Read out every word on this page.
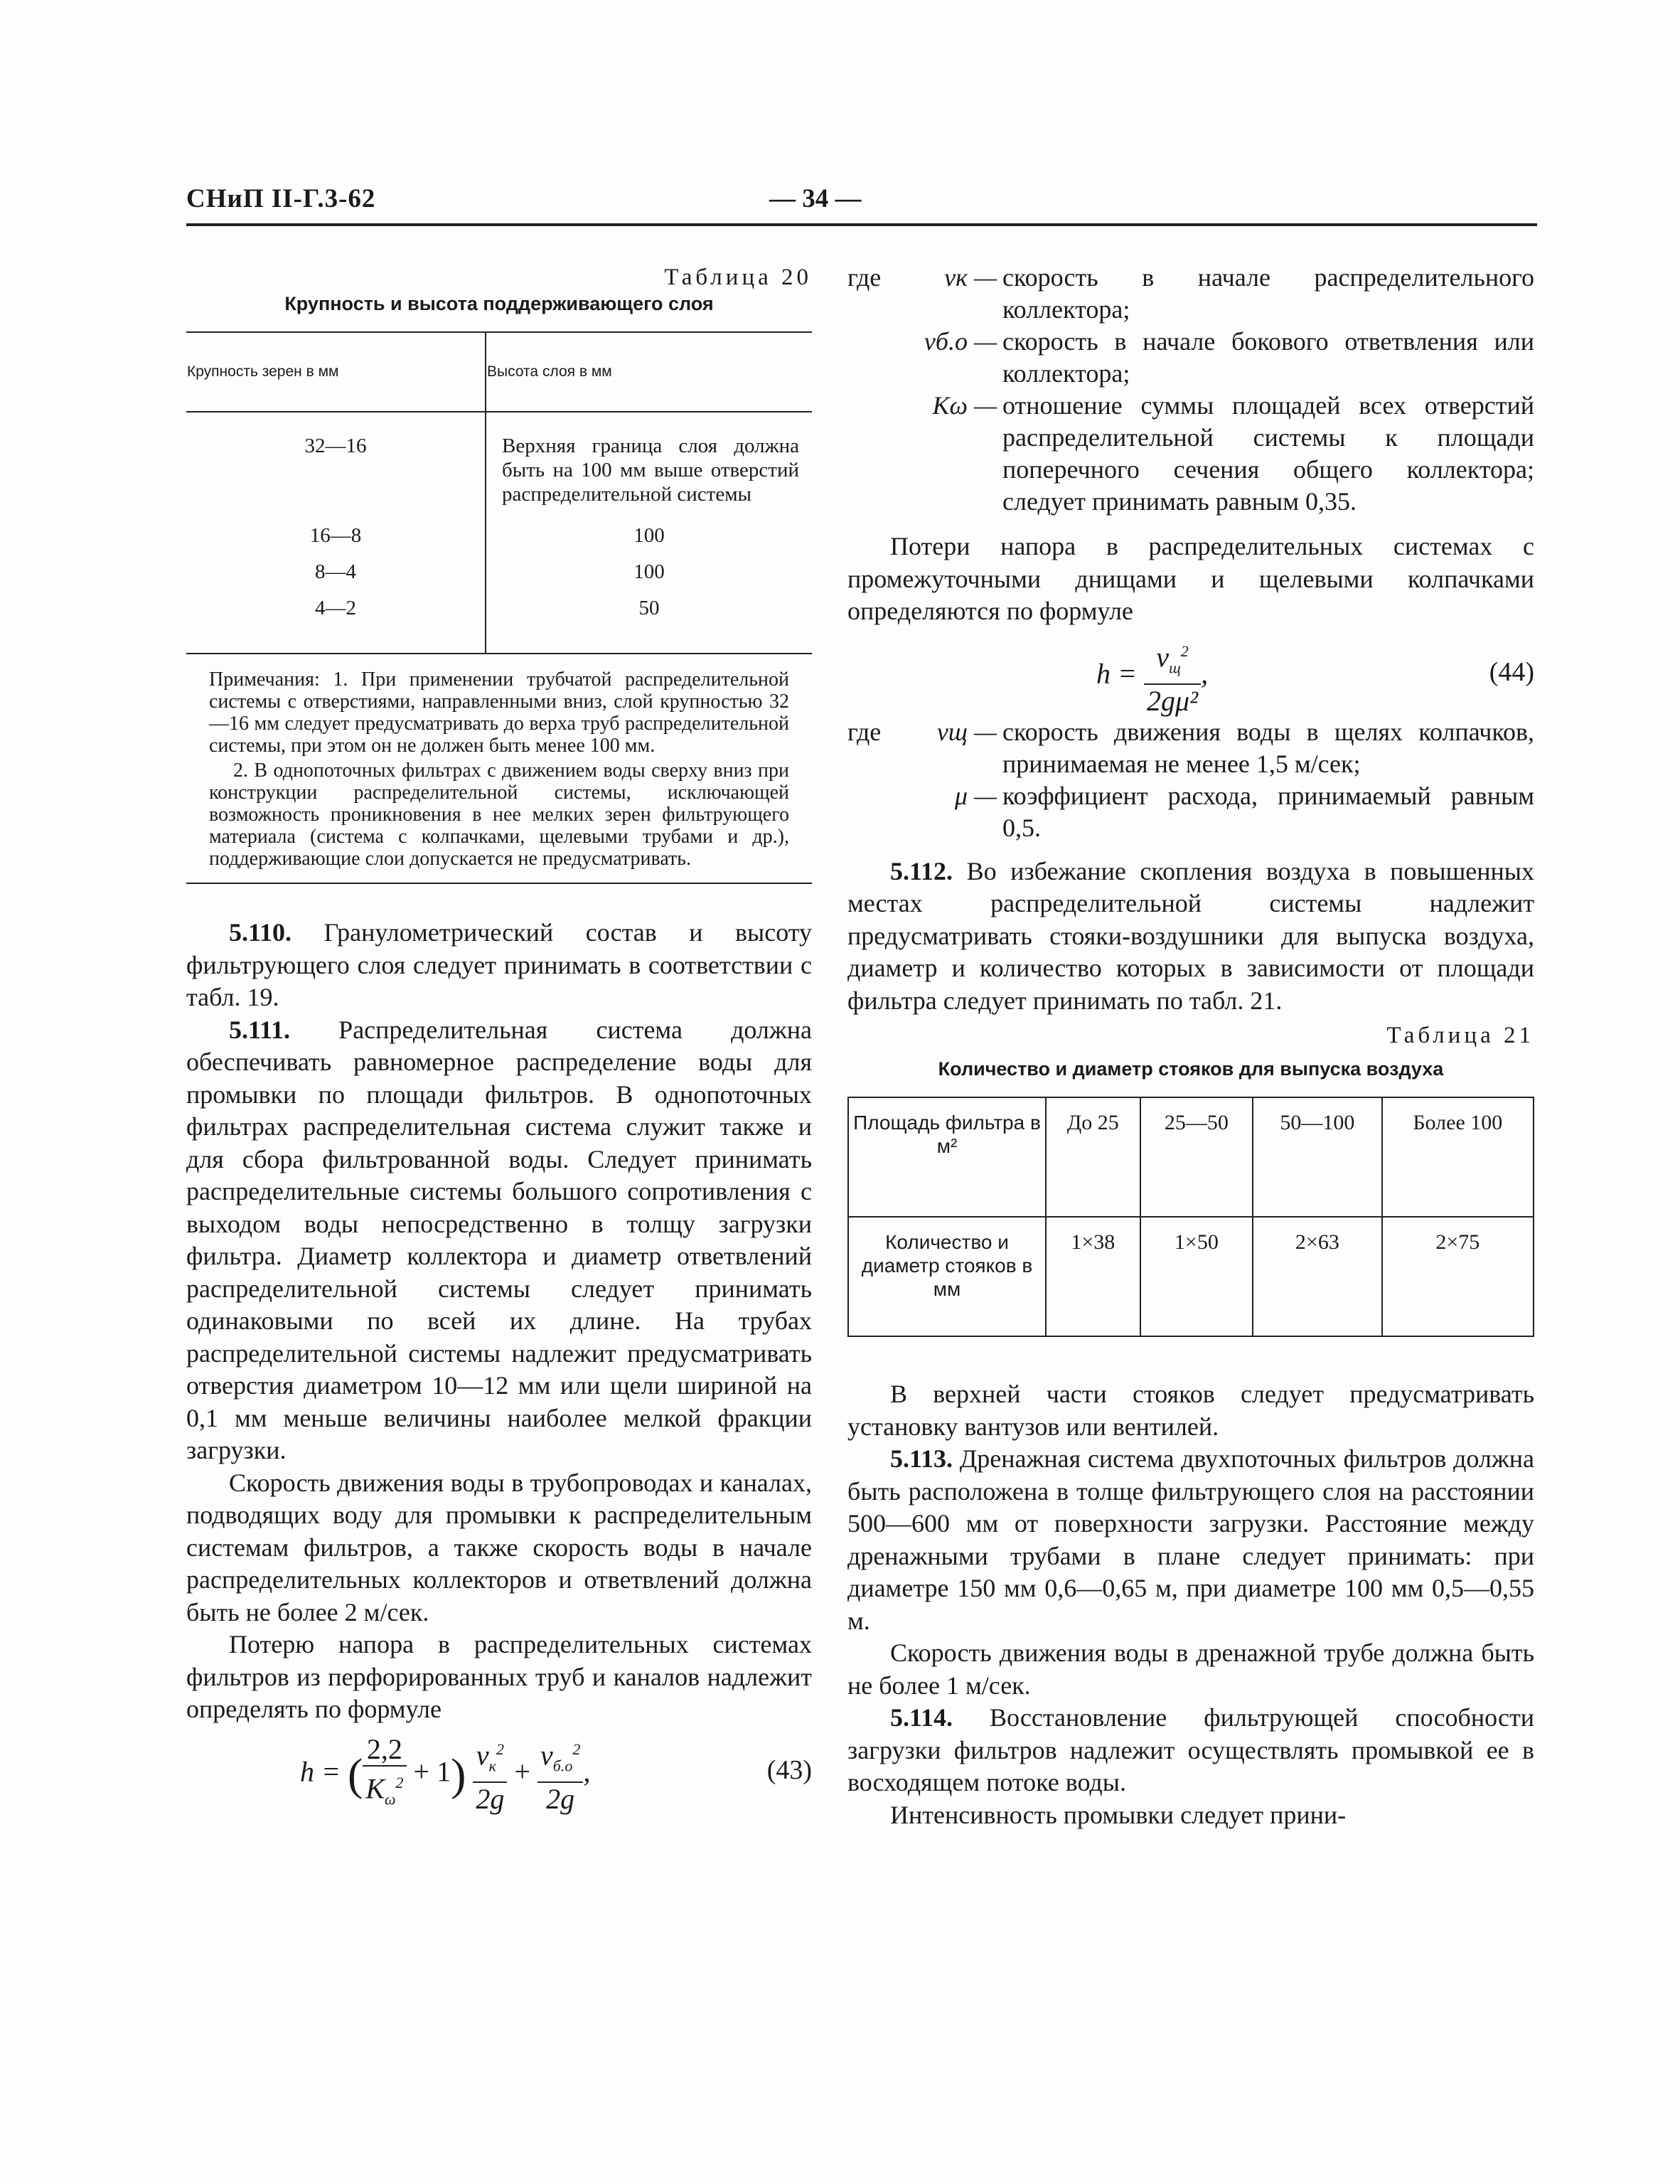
СНиП II-Г.3-62	— 34 —
Таблица 20
Крупность и высота поддерживающего слоя
Крупность зерен в мм	Высота слоя в мм
32—16	Верхняя граница слоя должна быть на 100 мм выше отверстий распределительной системы
16—8	100
8—4	100
4—2	50

Примечания: 1. При применении трубчатой распределительной системы с отверстиями, направленными вниз, слой крупностью 32—16 мм следует предусматривать до верха труб распределительной системы, при этом он не должен быть менее 100 мм.

2. В однопоточных фильтрах с движением воды сверху вниз при конструкции распределительной системы, исключающей возможность проникновения в нее мелких зерен фильтрующего материала (система с колпачками, щелевыми трубами и др.), поддерживающие слои допускается не предусматривать.

5.110. Гранулометрический состав и высоту фильтрующего слоя следует принимать в соответствии с табл. 19.

5.111. Распределительная система должна обеспечивать равномерное распределение воды для промывки по площади фильтров. В однопоточных фильтрах распределительная система служит также и для сбора фильтрованной воды. Следует принимать распределительные системы большого сопротивления с выходом воды непосредственно в толщу загрузки фильтра. Диаметр коллектора и диаметр ответвлений распределительной системы следует принимать одинаковыми по всей их длине. На трубах распределительной системы надлежит предусматривать отверстия диаметром 10—12 мм или щели шириной на 0,1 мм меньше величины наиболее мелкой фракции загрузки.

Скорость движения воды в трубопроводах и каналах, подводящих воду для промывки к распределительным системам фильтров, а также скорость воды в начале распределительных коллекторов и ответвлений должна быть не более 2 м/сек.

Потерю напора в распределительных системах фильтров из перфорированных труб и каналов надлежит определять по формуле

h = ( $\frac{2,2}{K_\omega^2} + 1) \frac{v_к^2}{2g} + \frac{v_{б.о}^2}{2g}$ ,	(43)
где	vк —	скорость в начале распределительного коллектора;
	vб.о —	скорость в начале бокового ответвления или коллектора;
	Kω —	отношение суммы площадей всех отверстий распределительной системы к площади поперечного сечения общего коллектора; следует принимать равным 0,35.

Потери напора в распределительных системах с промежуточными днищами и щелевыми колпачками определяются по формуле

$h = \frac{v_щ^2}{\text{2gμ²}}$ ,	(44)
где	vщ —	скорость движения воды в щелях колпачков, принимаемая не менее 1,5 м/сек;
	μ —	коэффициент расхода, принимаемый равным 0,5.

5.112. Во избежание скопления воздуха в повышенных местах распределительной системы надлежит предусматривать стояки-воздушники для выпуска воздуха, диаметр и количество которых в зависимости от площади фильтра следует принимать по табл. 21.

Таблица 21
Количество и диаметр стояков для выпуска воздуха
Площадь фильтра в м²	До 25	25—50	50—100	Более 100
Количество и диаметр стояков в мм	1×38	1×50	2×63	2×75

В верхней части стояков следует предусматривать установку вантузов или вентилей.

5.113. Дренажная система двухпоточных фильтров должна быть расположена в толще фильтрующего слоя на расстоянии 500—600 мм от поверхности загрузки. Расстояние между дренажными трубами в плане следует принимать: при диаметре 150 мм 0,6—0,65 м, при диаметре 100 мм 0,5—0,55 м.

Скорость движения воды в дренажной трубе должна быть не более 1 м/сек.

5.114. Восстановление фильтрующей способности загрузки фильтров надлежит осуществлять промывкой ее в восходящем потоке воды.

Интенсивность промывки следует прини-
